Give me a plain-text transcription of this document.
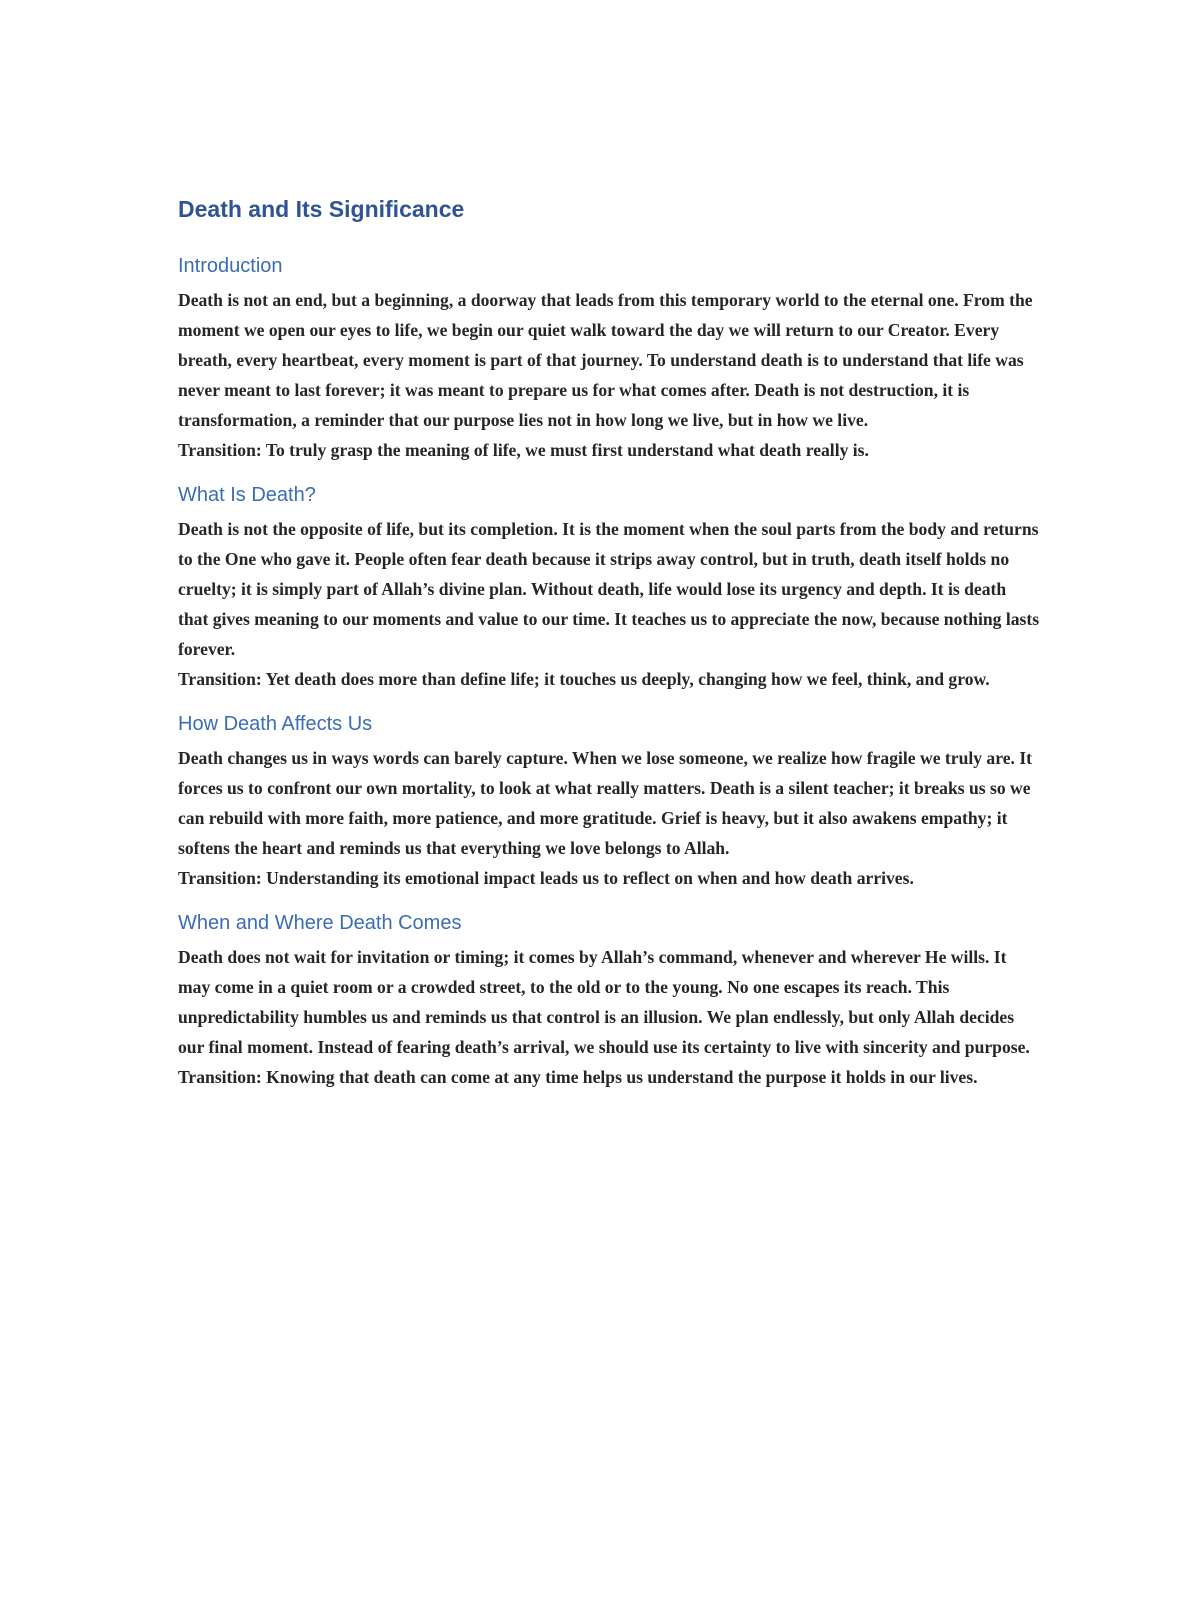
Death and Its Significance
Introduction

Death is not an end, but a beginning, a doorway that leads from this temporary world to the eternal one. From the moment we open our eyes to life, we begin our quiet walk toward the day we will return to our Creator. Every breath, every heartbeat, every moment is part of that journey. To understand death is to understand that life was never meant to last forever; it was meant to prepare us for what comes after. Death is not destruction, it is transformation, a reminder that our purpose lies not in how long we live, but in how we live.

Transition: To truly grasp the meaning of life, we must first understand what death really is.

What Is Death?

Death is not the opposite of life, but its completion. It is the moment when the soul parts from the body and returns to the One who gave it. People often fear death because it strips away control, but in truth, death itself holds no cruelty; it is simply part of Allah’s divine plan. Without death, life would lose its urgency and depth. It is death that gives meaning to our moments and value to our time. It teaches us to appreciate the now, because nothing lasts forever.

Transition: Yet death does more than define life; it touches us deeply, changing how we feel, think, and grow.

How Death Affects Us

Death changes us in ways words can barely capture. When we lose someone, we realize how fragile we truly are. It forces us to confront our own mortality, to look at what really matters. Death is a silent teacher; it breaks us so we can rebuild with more faith, more patience, and more gratitude. Grief is heavy, but it also awakens empathy; it softens the heart and reminds us that everything we love belongs to Allah.

Transition: Understanding its emotional impact leads us to reflect on when and how death arrives.

When and Where Death Comes

Death does not wait for invitation or timing; it comes by Allah’s command, whenever and wherever He wills. It may come in a quiet room or a crowded street, to the old or to the young. No one escapes its reach. This unpredictability humbles us and reminds us that control is an illusion. We plan endlessly, but only Allah decides our final moment. Instead of fearing death’s arrival, we should use its certainty to live with sincerity and purpose.

Transition: Knowing that death can come at any time helps us understand the purpose it holds in our lives.
